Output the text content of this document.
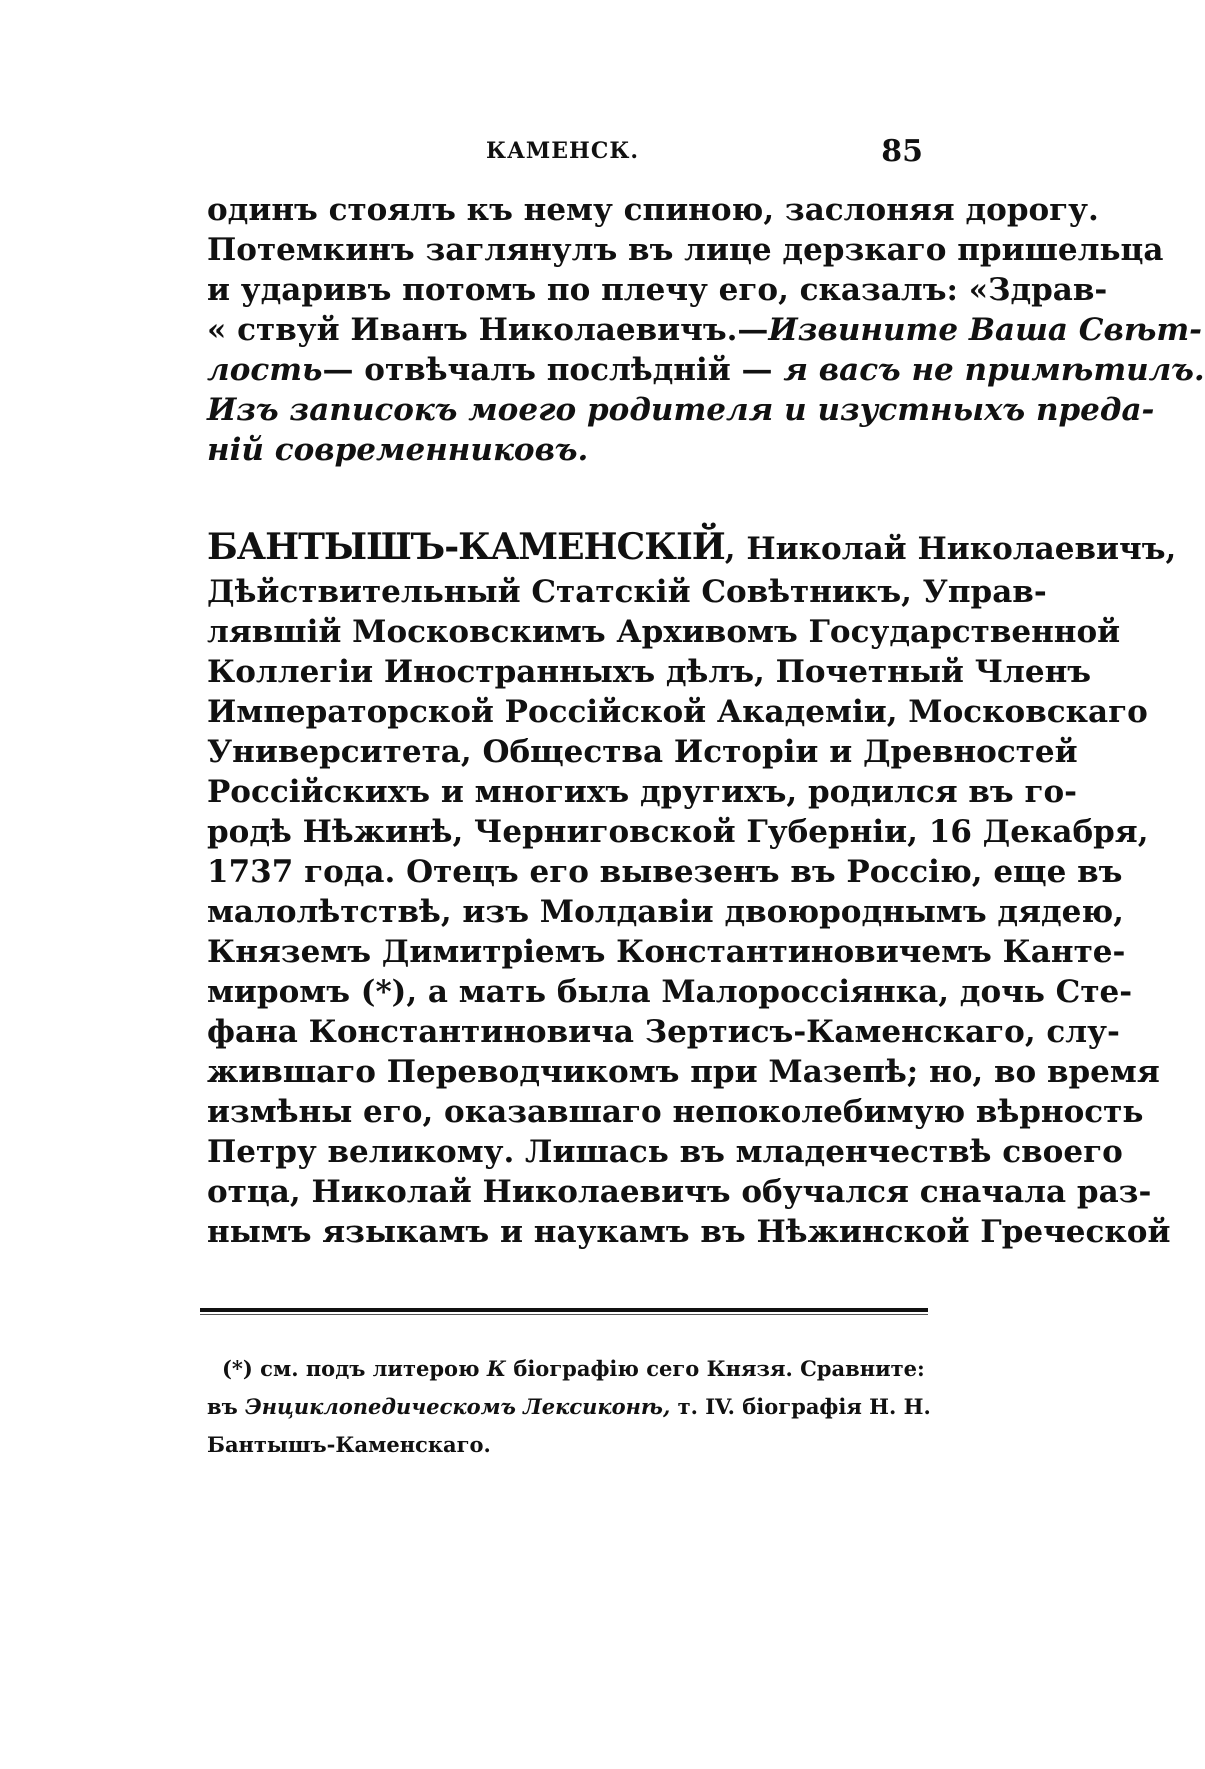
КАМЕНСК.	85
одинъ стоялъ къ нему спиною, заслоняя дорогу.
Потемкинъ заглянулъ въ лице дерзкаго пришельца
и ударивъ потомъ по плечу его, сказалъ: «Здрав-
« ствуй Иванъ Николаевичъ.—Извините Ваша Свѣт-
лость— отвѣчалъ послѣдній — я васъ не примѣтилъ.
Изъ записокъ моего родителя и изустныхъ преда-
ній современниковъ.
БАНТЫШЪ-КАМЕНСКІЙ, Николай Николаевичъ,
Дѣйствительный Статскій Совѣтникъ, Управ-
лявшій Московскимъ Архивомъ Государственной
Коллегіи Иностранныхъ дѣлъ, Почетный Членъ
Императорской Россійской Академіи, Московскаго
Университета, Общества Исторіи и Древностей
Россійскихъ и многихъ другихъ, родился въ го-
родѣ Нѣжинѣ, Черниговской Губерніи, 16 Декабря,
1737 года. Отецъ его вывезенъ въ Россію, еще въ
малолѣтствѣ, изъ Молдавіи двоюроднымъ дядею,
Княземъ Димитріемъ Константиновичемъ Канте-
миромъ (*), а мать была Малороссіянка, дочь Сте-
фана Константиновича Зертисъ-Каменскаго, слу-
жившаго Переводчикомъ при Мазепѣ; но, во время
измѣны его, оказавшаго непоколебимую вѣрность
Петру великому. Лишась въ младенчествѣ своего
отца, Николай Николаевичъ обучался сначала раз-
нымъ языкамъ и наукамъ въ Нѣжинской Греческой
(*) см. подъ литерою К біографію сего Князя. Сравните:
въ Энциклопедическомъ Лексиконѣ, т. IV. біографія Н. Н.
Бантышъ-Каменскаго.
